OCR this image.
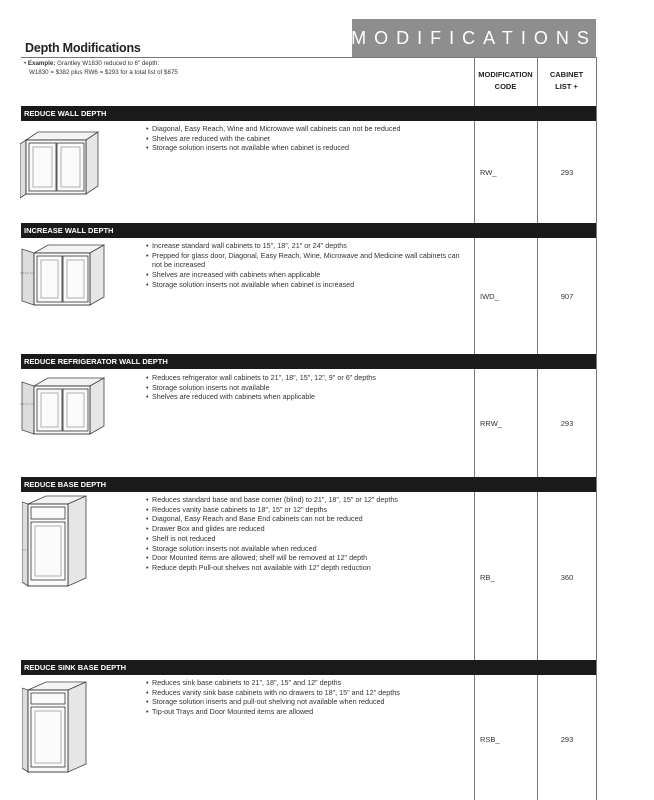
MODIFICATIONS
Depth Modifications
• Example: Grantley W1830 reduced to 6" depth:
W1830 = $382 plus RW6 = $293 for a total list of $675	MODIFICATION
CODE
CABINET
LIST +
REDUCE WALL DEPTH
• Diagonal, Easy Reach, Wine and Microwave wall cabinets can not be reduced
• Shelves are reduced with the cabinet
• Storage solution inserts not available when cabinet is reduced
RW_	293
INCREASE WALL DEPTH
• Increase standard wall cabinets to 15", 18", 21" or 24" depths
• Prepped for glass door, Diagonal, Easy Reach, Wine, Microwave and Medicine wall cabinets can not be increased
• Shelves are increased with cabinets when applicable
• Storage solution inserts not available when cabinet is increased
IWD_	907
REDUCE REFRIGERATOR WALL DEPTH
• Reduces refrigerator wall cabinets to 21", 18", 15", 12", 9" or 6" depths
• Storage solution inserts not available
• Shelves are reduced with cabinets when applicable
RRW_	293
REDUCE BASE DEPTH
• Reduces standard base and base corner (blind) to 21", 18", 15" or 12" depths
• Reduces vanity base cabinets to 18", 15" or 12" depths
• Diagonal, Easy Reach and Base End cabinets can not be reduced
• Drawer Box and glides are reduced
• Shelf is not reduced
• Storage solution inserts not available when reduced
• Door Mounted items are allowed; shelf will be removed at 12" depth
• Reduce depth Pull-out shelves not available with 12" depth reduction
RB_	360
REDUCE SINK BASE DEPTH
• Reduces sink base cabinets to 21", 18", 15" and 12" depths
• Reduces vanity sink base cabinets with no drawers to 18", 15" and 12" depths
• Storage solution inserts and pull-out shelving not available when reduced
• Tip-out Trays and Door Mounted items are allowed
RSB_	293
